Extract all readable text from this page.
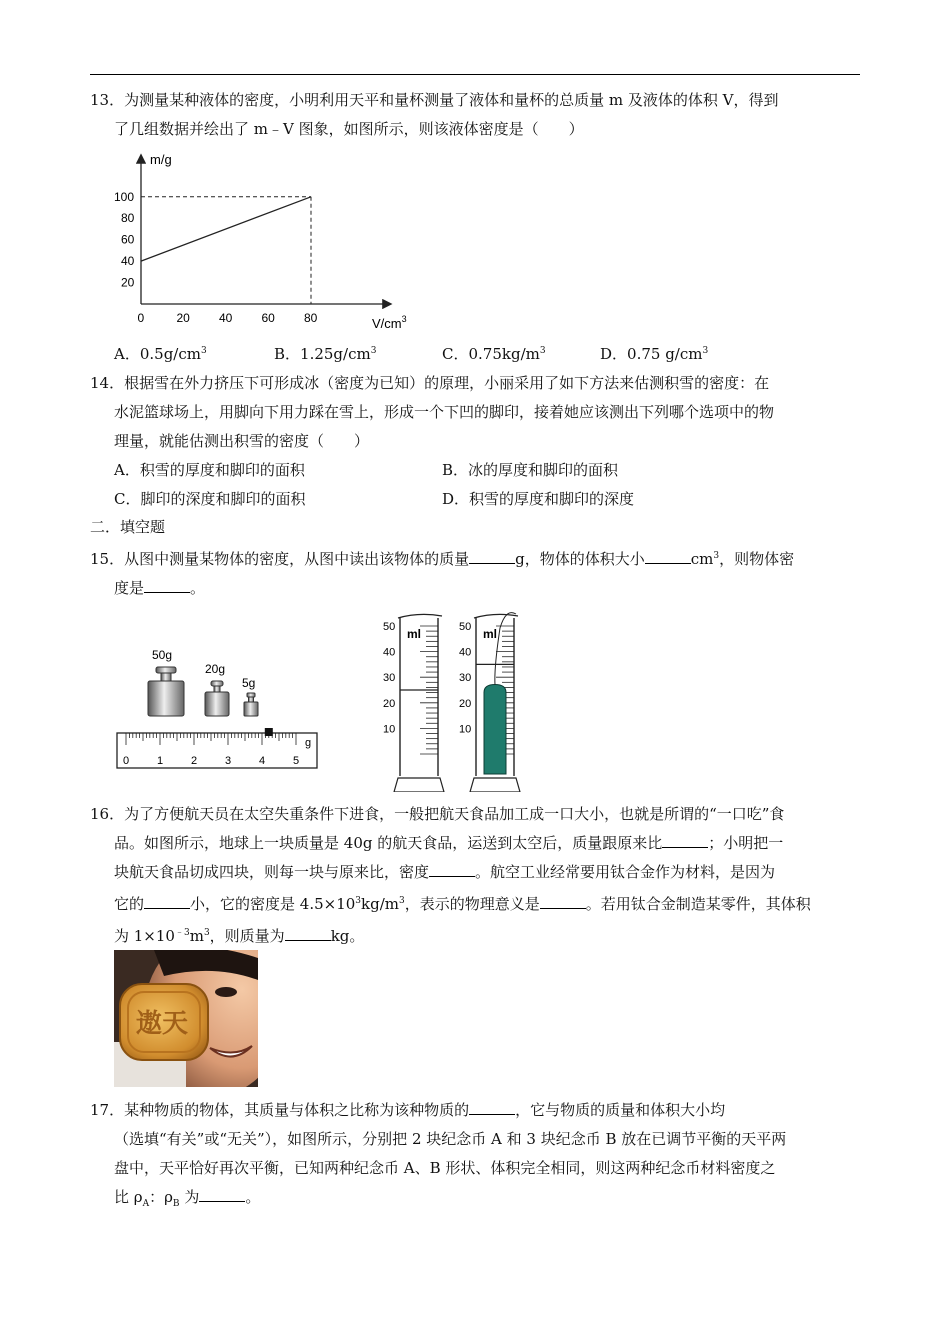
13．为测量某种液体的密度，小明利用天平和量杯测量了液体和量杯的总质量 m 及液体的体积 V，得到
了几组数据并绘出了 m﹣V 图象，如图所示，则该液体密度是（　　）
0	20 40 60 80
20
40
60
80
100
m/g
$V/cm^3$
A．$0.5g/cm^3$	B．$1.25g/cm^3$	C．$0.75kg/m^3$	D．0.75 $g/cm^3$
14．根据雪在外力挤压下可形成冰（密度为已知）的原理，小丽采用了如下方法来估测积雪的密度：在
水泥篮球场上，用脚向下用力踩在雪上，形成一个下凹的脚印，接着她应该测出下列哪个选项中的物
理量，就能估测出积雪的密度（　　）
A．积雪的厚度和脚印的面积	B．冰的厚度和脚印的面积
C．脚印的深度和脚印的面积	D．积雪的厚度和脚印的深度
二．填空题
15．从图中测量某物体的密度，从图中读出该物体的质量	g，物体的体积大小	$cm^3$，则物体密
度是	。
50g
20g
5g
0	1	2	3	4	5
g
ml
50
40
30
20
10
ml
50
40
30
20
10
16．为了方便航天员在太空失重条件下进食，一般把航天食品加工成一口大小，也就是所谓的“一口吃”食
品。如图所示，地球上一块质量是 40g 的航天食品，运送到太空后，质量跟原来比	；小明把一
块航天食品切成四块，则每一块与原来比，密度	。航空工业经常要用钛合金作为材料，是因为
它的	小，它的密度是 $4.5\times 10^3kg/m^3$，表示的物理意义是	。若用钛合金制造某零件，其体积
为 $1\times 10^{﹣3}m^3$，则质量为	kg。
遨天
17．某种物质的物体，其质量与体积之比称为该种物质的	，它与物质的质量和体积大小均
（选填“有关”或“无关”），如图所示，分别把 2 块纪念币 A 和 3 块纪念币 B 放在已调节平衡的天平两
盘中，天平恰好再次平衡，已知两种纪念币 A、B 形状、体积完全相同，则这两种纪念币材料密度之
比 $\rho_A$：$\rho_B$ 为	。
